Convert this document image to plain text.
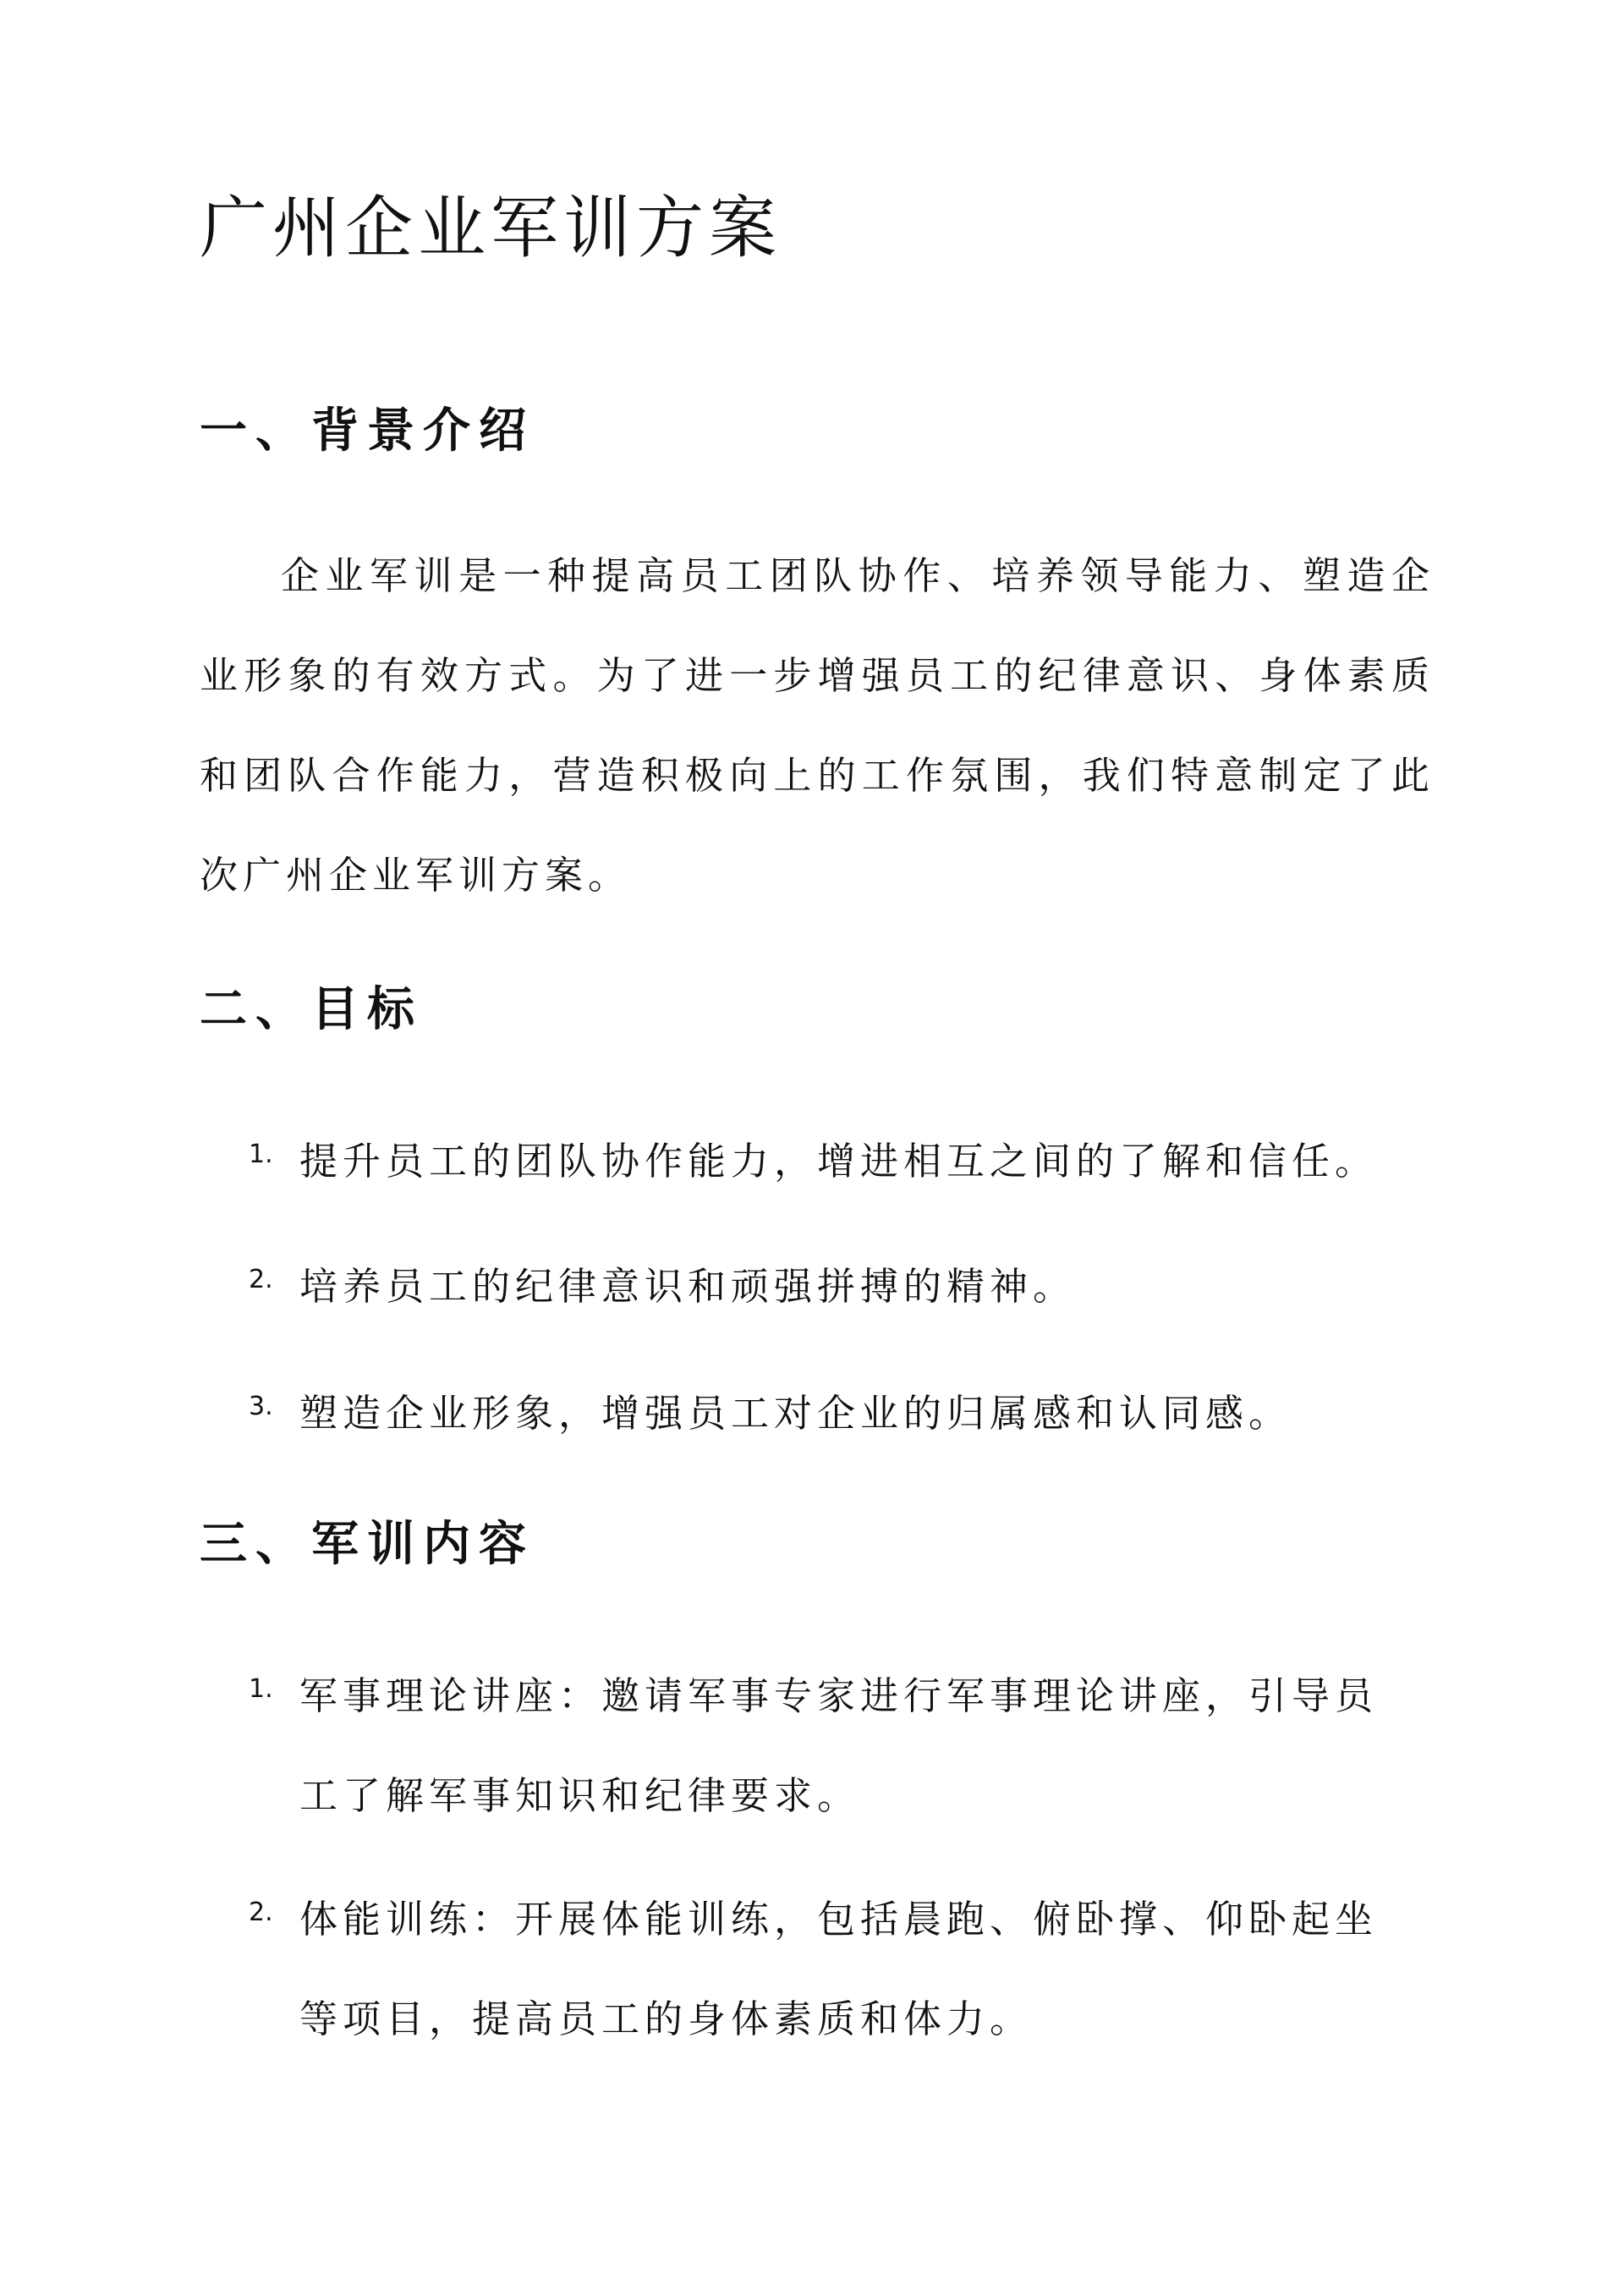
广州企业军训方案
一、背景介绍

企业军训是一种提高员工团队协作、培养领导能力、塑造企业形象的有效方式。为了进一步增强员工的纪律意识、身体素质和团队合作能力，营造积极向上的工作氛围，我们特意制定了此次广州企业军训方案。

二、目标
1. 提升员工的团队协作能力，增进相互之间的了解和信任。
2. 培养员工的纪律意识和顽强拼搏的精神。
3. 塑造企业形象，增强员工对企业的归属感和认同感。
三、军训内容
1. 军事理论讲座：邀请军事专家进行军事理论讲座，引导员工了解军事知识和纪律要求。
2. 体能训练：开展体能训练，包括晨跑、俯卧撑、仰卧起坐等项目，提高员工的身体素质和体力。
